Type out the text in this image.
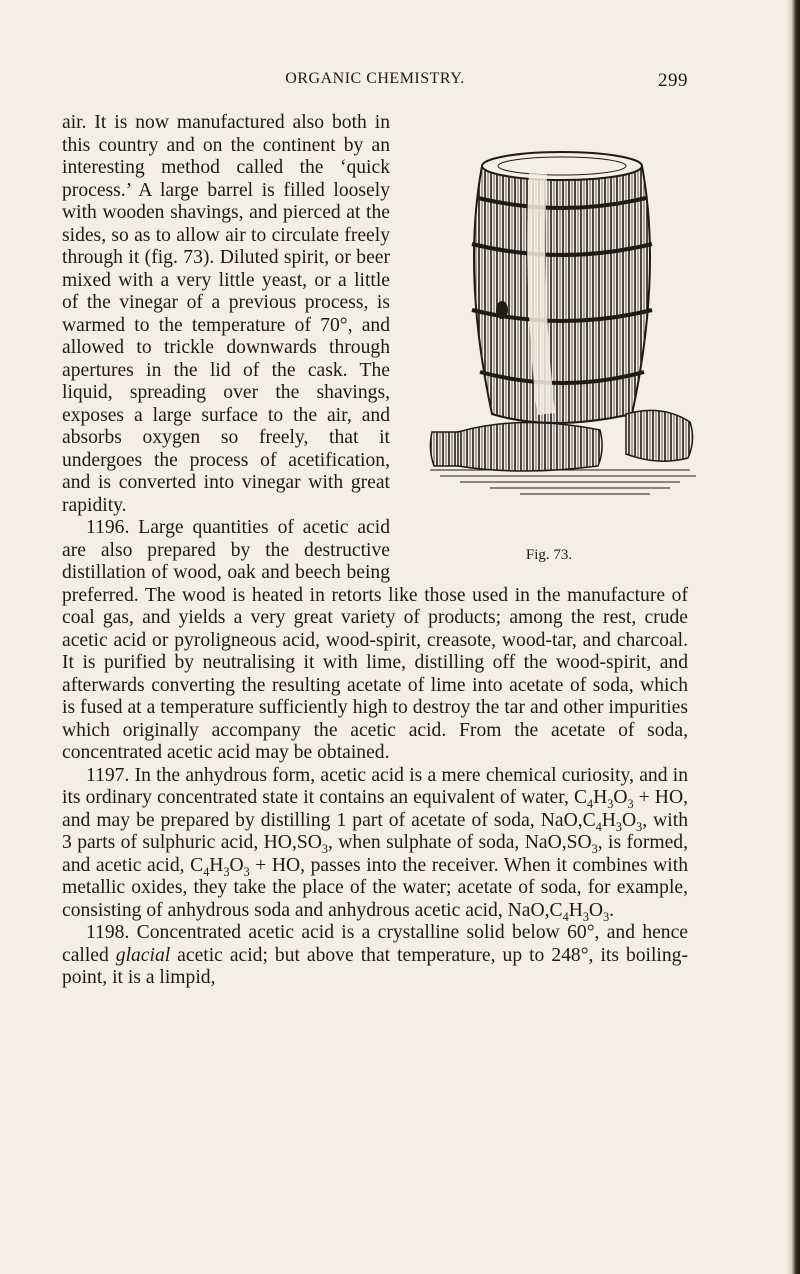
ORGANIC CHEMISTRY.	299
Fig. 73.

air. It is now manufactured also both in this country and on the continent by an interesting method called the ‘quick process.’ A large barrel is filled loosely with wooden shavings, and pierced at the sides, so as to allow air to circulate freely through it (fig. 73). Diluted spirit, or beer mixed with a very little yeast, or a little of the vinegar of a previous process, is warmed to the temperature of 70°, and allowed to trickle downwards through apertures in the lid of the cask. The liquid, spreading over the shavings, exposes a large surface to the air, and absorbs oxygen so freely, that it undergoes the process of acetification, and is converted into vinegar with great rapidity.

1196. Large quantities of acetic acid are also prepared by the destructive distillation of wood, oak and beech being preferred. The wood is heated in retorts like those used in the manufacture of coal gas, and yields a very great variety of products; among the rest, crude acetic acid or pyroligneous acid, wood-spirit, creasote, wood-tar, and charcoal. It is purified by neutralising it with lime, distilling off the wood-spirit, and afterwards converting the resulting acetate of lime into acetate of soda, which is fused at a temperature sufficiently high to destroy the tar and other impurities which originally accompany the acetic acid. From the acetate of soda, concentrated acetic acid may be obtained.

1197. In the anhydrous form, acetic acid is a mere chemical curiosity, and in its ordinary concentrated state it contains an equivalent of water, $C_4H_3O_3$ + HO, and may be prepared by distilling 1 part of acetate of soda, $NaO,C_4H_3O_3$, with 3 parts of sulphuric acid, $HO,SO_3$, when sulphate of soda, $NaO,SO_3$, is formed, and acetic acid, $C_4H_3O_3$ + HO, passes into the receiver. When it combines with metallic oxides, they take the place of the water; acetate of soda, for example, consisting of anhydrous soda and anhydrous acetic acid, $NaO,C_4H_3O_3$.

1198. Concentrated acetic acid is a crystalline solid below 60°, and hence called glacial acetic acid; but above that temperature, up to 248°, its boiling-point, it is a limpid,
